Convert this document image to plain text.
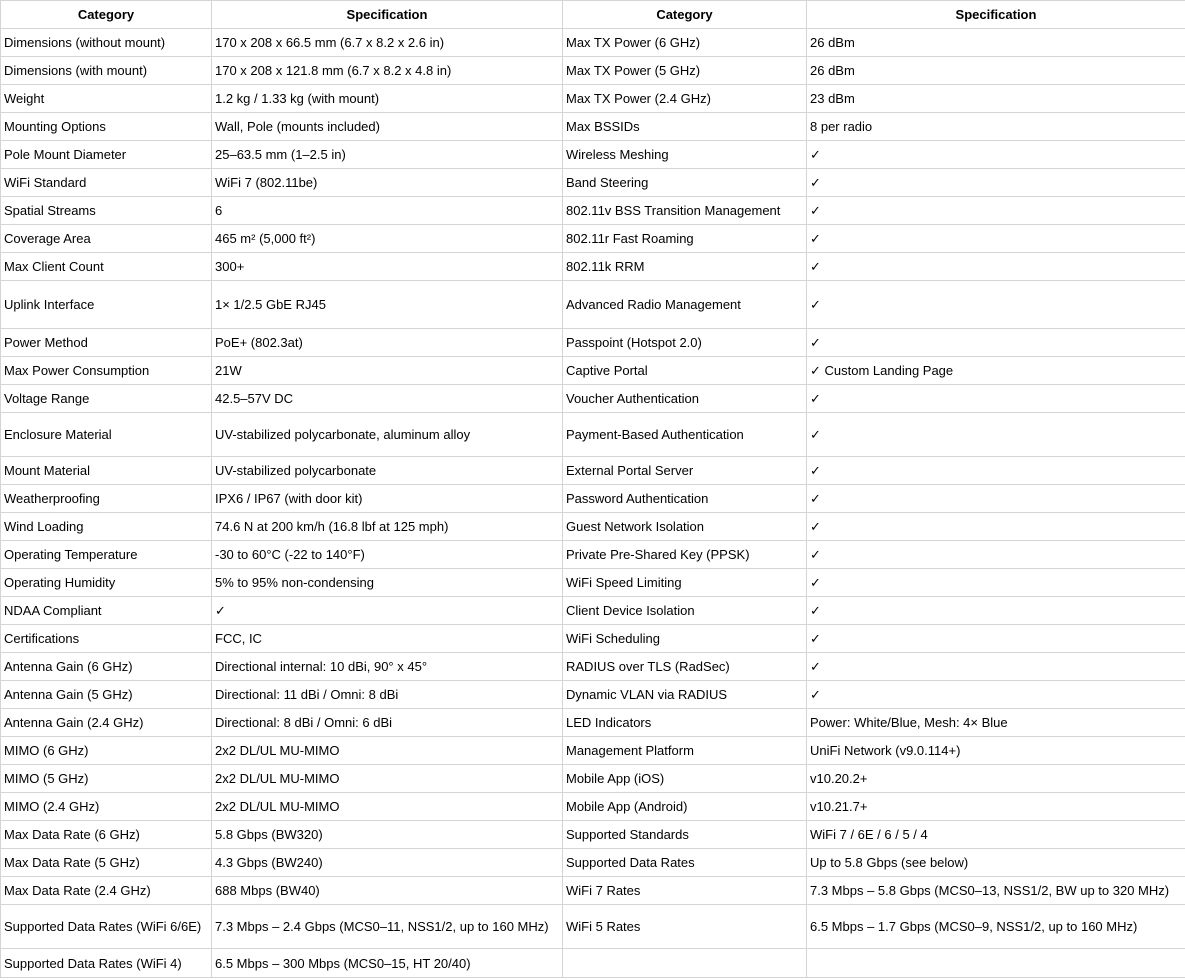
Category	Specification	Category	Specification
Dimensions (without mount)	170 x 208 x 66.5 mm (6.7 x 8.2 x 2.6 in)	Max TX Power (6 GHz)	26 dBm
Dimensions (with mount)	170 x 208 x 121.8 mm (6.7 x 8.2 x 4.8 in)	Max TX Power (5 GHz)	26 dBm
Weight	1.2 kg / 1.33 kg (with mount)	Max TX Power (2.4 GHz)	23 dBm
Mounting Options	Wall, Pole (mounts included)	Max BSSIDs	8 per radio
Pole Mount Diameter	25–63.5 mm (1–2.5 in)	Wireless Meshing	✓
WiFi Standard	WiFi 7 (802.11be)	Band Steering	✓
Spatial Streams	6	802.11v BSS Transition Management	✓
Coverage Area	465 m² (5,000 ft²)	802.11r Fast Roaming	✓
Max Client Count	300+	802.11k RRM	✓
Uplink Interface	1× 1/2.5 GbE RJ45	Advanced Radio Management	✓
Power Method	PoE+ (802.3at)	Passpoint (Hotspot 2.0)	✓
Max Power Consumption	21W	Captive Portal	✓ Custom Landing Page
Voltage Range	42.5–57V DC	Voucher Authentication	✓
Enclosure Material	UV-stabilized polycarbonate, aluminum alloy	Payment-Based Authentication	✓
Mount Material	UV-stabilized polycarbonate	External Portal Server	✓
Weatherproofing	IPX6 / IP67 (with door kit)	Password Authentication	✓
Wind Loading	74.6 N at 200 km/h (16.8 lbf at 125 mph)	Guest Network Isolation	✓
Operating Temperature	-30 to 60°C (-22 to 140°F)	Private Pre-Shared Key (PPSK)	✓
Operating Humidity	5% to 95% non-condensing	WiFi Speed Limiting	✓
NDAA Compliant	✓	Client Device Isolation	✓
Certifications	FCC, IC	WiFi Scheduling	✓
Antenna Gain (6 GHz)	Directional internal: 10 dBi, 90° x 45°	RADIUS over TLS (RadSec)	✓
Antenna Gain (5 GHz)	Directional: 11 dBi / Omni: 8 dBi	Dynamic VLAN via RADIUS	✓
Antenna Gain (2.4 GHz)	Directional: 8 dBi / Omni: 6 dBi	LED Indicators	Power: White/Blue, Mesh: 4× Blue
MIMO (6 GHz)	2x2 DL/UL MU-MIMO	Management Platform	UniFi Network (v9.0.114+)
MIMO (5 GHz)	2x2 DL/UL MU-MIMO	Mobile App (iOS)	v10.20.2+
MIMO (2.4 GHz)	2x2 DL/UL MU-MIMO	Mobile App (Android)	v10.21.7+
Max Data Rate (6 GHz)	5.8 Gbps (BW320)	Supported Standards	WiFi 7 / 6E / 6 / 5 / 4
Max Data Rate (5 GHz)	4.3 Gbps (BW240)	Supported Data Rates	Up to 5.8 Gbps (see below)
Max Data Rate (2.4 GHz)	688 Mbps (BW40)	WiFi 7 Rates	7.3 Mbps – 5.8 Gbps (MCS0–13, NSS1/2, BW up to 320 MHz)
Supported Data Rates (WiFi 6/6E)	7.3 Mbps – 2.4 Gbps (MCS0–11, NSS1/2, up to 160 MHz)	WiFi 5 Rates	6.5 Mbps – 1.7 Gbps (MCS0–9, NSS1/2, up to 160 MHz)
Supported Data Rates (WiFi 4)	6.5 Mbps – 300 Mbps (MCS0–15, HT 20/40)		
